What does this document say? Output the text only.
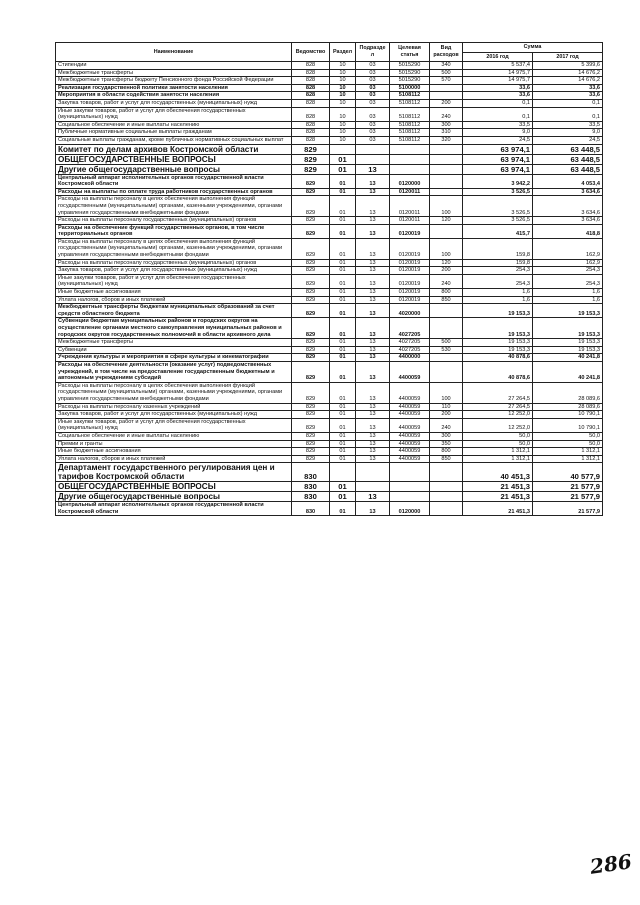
Наименование	Ведомство	Раздел	Подраздел	Целевая статья	Вид расходов	Сумма	
						2016 год	2017 год
Стипендии	828	10	03	5015290	340	5 537,4	5 399,6
Межбюджетные трансферты	828	10	03	5015290	500	14 975,7	14 676,2
Межбюджетные трансферты бюджету Пенсионного фонда Российской Федерации	828	10	03	5015290	570	14 975,7	14 676,2
Реализация государственной политики занятости населения	828	10	03	5100000		33,6	33,6
Мероприятия в области содействия занятости населения	828	10	03	5108112		33,6	33,6
Закупка товаров, работ и услуг для государственных (муниципальных) нужд	828	10	03	5108112	200	0,1	0,1
Иные закупки товаров, работ и услуг для обеспечения государственных (муниципальных) нужд	828	10	03	5108112	240	0,1	0,1
Социальное обеспечение и иные выплаты населению	828	10	03	5108112	300	33,5	33,5
Публичные нормативные социальные выплаты гражданам	828	10	03	5108112	310	9,0	9,0
Социальные выплаты гражданам, кроме публичных нормативных социальных выплат	828	10	03	5108112	320	24,5	24,5
Комитет по делам архивов Костромской области	829					63 974,1	63 448,5
ОБЩЕГОСУДАРСТВЕННЫЕ ВОПРОСЫ	829	01				63 974,1	63 448,5
Другие общегосударственные вопросы	829	01	13			63 974,1	63 448,5
Центральный аппарат исполнительных органов государственной власти Костромской области	829	01	13	0120000		3 942,2	4 053,4
Расходы на выплаты по оплате труда работников государственных органов	829	01	13	0120011		3 526,5	3 634,6
Расходы на выплаты персоналу в целях обеспечения выполнения функций государственными (муниципальными) органами, казенными учреждениями, органами управления государственными внебюджетными фондами	829	01	13	0120011	100	3 526,5	3 634,6
Расходы на выплаты персоналу государственных (муниципальных) органов	829	01	13	0120011	120	3 526,5	3 634,6
Расходы на обеспечение функций государственных органов, в том числе территориальных органов	829	01	13	0120019		415,7	418,8
Расходы на выплаты персоналу в целях обеспечения выполнения функций государственными (муниципальными) органами, казенными учреждениями, органами управления государственными внебюджетными фондами	829	01	13	0120019	100	159,8	162,9
Расходы на выплаты персоналу государственных (муниципальных) органов	829	01	13	0120019	120	159,8	162,9
Закупка товаров, работ и услуг для государственных (муниципальных) нужд	829	01	13	0120019	200	254,3	254,3
Иные закупки товаров, работ и услуг для обеспечения государственных (муниципальных) нужд	829	01	13	0120019	240	254,3	254,3
Иные бюджетные ассигнования	829	01	13	0120019	800	1,6	1,6
Уплата налогов, сборов и иных платежей	829	01	13	0120019	850	1,6	1,6
Межбюджетные трансферты бюджетам муниципальных образований за счет средств областного бюджета	829	01	13	4020000		19 153,3	19 153,3
Субвенции бюджетам муниципальных районов и городских округов на осуществление органами местного самоуправления муниципальных районов и городских округов государственных полномочий в области архивного дела	829	01	13	4027205		19 153,3	19 153,3
Межбюджетные трансферты	829	01	13	4027205	500	19 153,3	19 153,3
Субвенции	829	01	13	4027205	530	19 153,3	19 153,3
Учреждения культуры и мероприятия в сфере культуры и кинематографии	829	01	13	4400000		40 878,6	40 241,8
Расходы на обеспечение деятельности (оказание услуг) подведомственных учреждений, в том числе на предоставление государственным бюджетным и автономным учреждениям субсидий	829	01	13	4400059		40 878,6	40 241,8
Расходы на выплаты персоналу в целях обеспечения выполнения функций государственными (муниципальными) органами, казенными учреждениями, органами управления государственными внебюджетными фондами	829	01	13	4400059	100	27 264,5	28 089,6
Расходы на выплаты персоналу казенных учреждений	829	01	13	4400059	110	27 264,5	28 089,6
Закупка товаров, работ и услуг для государственных (муниципальных) нужд	829	01	13	4400059	200	12 252,0	10 790,1
Иные закупки товаров, работ и услуг для обеспечения государственных (муниципальных) нужд	829	01	13	4400059	240	12 252,0	10 790,1
Социальное обеспечение и иные выплаты населению	829	01	13	4400059	300	50,0	50,0
Премии и гранты	829	01	13	4400059	350	50,0	50,0
Иные бюджетные ассигнования	829	01	13	4400059	800	1 312,1	1 312,1
Уплата налогов, сборов и иных платежей	829	01	13	4400059	850	1 312,1	1 312,1
Департамент государственного регулирования цен и тарифов Костромской области	830					40 451,3	40 577,9
ОБЩЕГОСУДАРСТВЕННЫЕ ВОПРОСЫ	830	01				21 451,3	21 577,9
Другие общегосударственные вопросы	830	01	13			21 451,3	21 577,9
Центральный аппарат исполнительных органов государственной власти Костромской области	830	01	13	0120000		21 451,3	21 577,9
286
